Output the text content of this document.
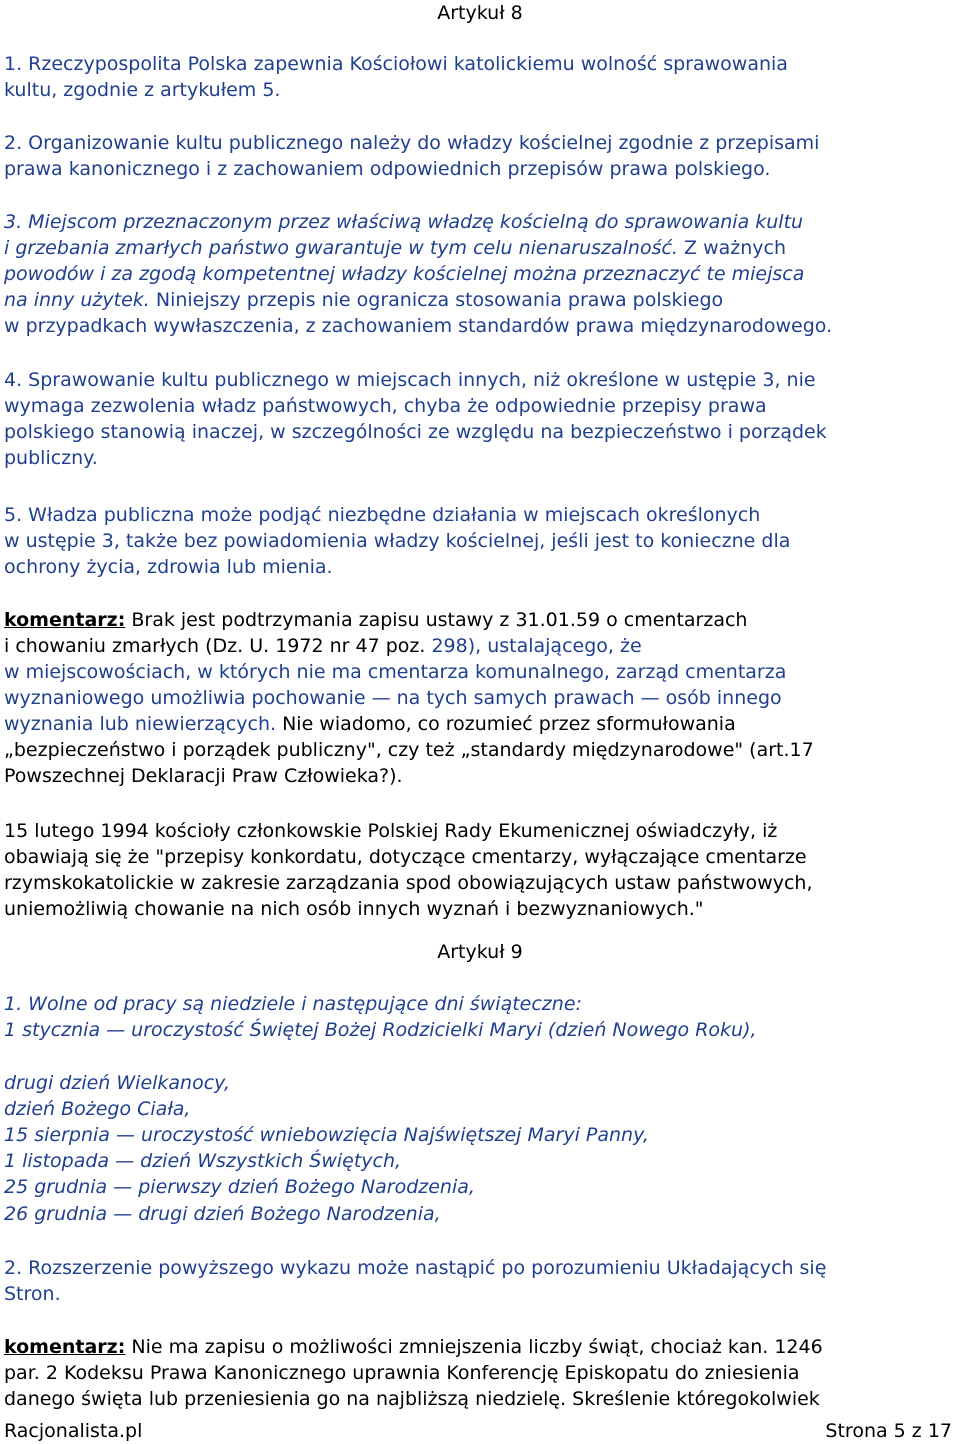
Artykuł 8
1. Rzeczypospolita Polska zapewnia Kościołowi katolickiemu wolność sprawowania
kultu, zgodnie z artykułem 5.
2. Organizowanie kultu publicznego należy do władzy kościelnej zgodnie z przepisami
prawa kanonicznego i z zachowaniem odpowiednich przepisów prawa polskiego.
3. Miejscom przeznaczonym przez właściwą władzę kościelną do sprawowania kultu
i grzebania zmarłych państwo gwarantuje w tym celu nienaruszalność. Z ważnych
powodów i za zgodą kompetentnej władzy kościelnej można przeznaczyć te miejsca
na inny użytek. Niniejszy przepis nie ogranicza stosowania prawa polskiego
w przypadkach wywłaszczenia, z zachowaniem standardów prawa międzynarodowego.
4. Sprawowanie kultu publicznego w miejscach innych, niż określone w ustępie 3, nie
wymaga zezwolenia władz państwowych, chyba że odpowiednie przepisy prawa
polskiego stanowią inaczej, w szczególności ze względu na bezpieczeństwo i porządek
publiczny.
5. Władza publiczna może podjąć niezbędne działania w miejscach określonych
w ustępie 3, także bez powiadomienia władzy kościelnej, jeśli jest to konieczne dla
ochrony życia, zdrowia lub mienia.
komentarz: Brak jest podtrzymania zapisu ustawy z 31.01.59 o cmentarzach
i chowaniu zmarłych (Dz. U. 1972 nr 47 poz. 298), ustalającego, że
w miejscowościach, w których nie ma cmentarza komunalnego, zarząd cmentarza
wyznaniowego umożliwia pochowanie — na tych samych prawach — osób innego
wyznania lub niewierzących. Nie wiadomo, co rozumieć przez sformułowania
„bezpieczeństwo i porządek publiczny", czy też „standardy międzynarodowe" (art.17
Powszechnej Deklaracji Praw Człowieka?).
15 lutego 1994 kościoły członkowskie Polskiej Rady Ekumenicznej oświadczyły, iż
obawiają się że "przepisy konkordatu, dotyczące cmentarzy, wyłączające cmentarze
rzymskokatolickie w zakresie zarządzania spod obowiązujących ustaw państwowych,
uniemożliwią chowanie na nich osób innych wyznań i bezwyznaniowych."
Artykuł 9
1. Wolne od pracy są niedziele i następujące dni świąteczne:
1 stycznia — uroczystość Świętej Bożej Rodzicielki Maryi (dzień Nowego Roku),
drugi dzień Wielkanocy,
dzień Bożego Ciała,
15 sierpnia — uroczystość wniebowzięcia Najświętszej Maryi Panny,
1 listopada — dzień Wszystkich Świętych,
25 grudnia — pierwszy dzień Bożego Narodzenia,
26 grudnia — drugi dzień Bożego Narodzenia,
2. Rozszerzenie powyższego wykazu może nastąpić po porozumieniu Układających się
Stron.
komentarz: Nie ma zapisu o możliwości zmniejszenia liczby świąt, chociaż kan. 1246
par. 2 Kodeksu Prawa Kanonicznego uprawnia Konferencję Episkopatu do zniesienia
danego święta lub przeniesienia go na najbliższą niedzielę. Skreślenie któregokolwiek
Racjonalista.pl	Strona 5 z 17
